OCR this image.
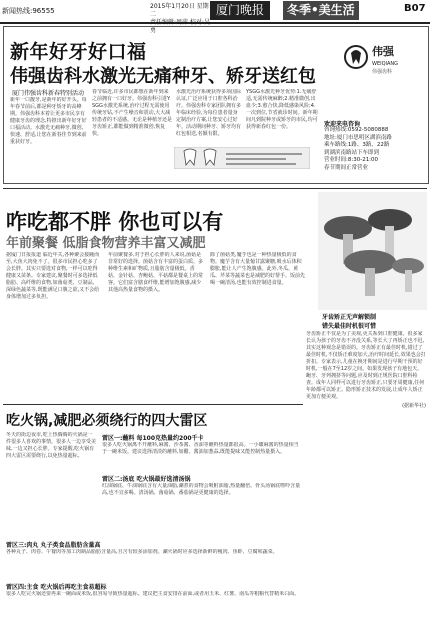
新闻热线:96555
2015年1月20日 星期二
责任编辑:周萍 校对:吴勇
厦门晚报	冬季•美生活	B07
新年好牙好口福
伟强齿科水激光无痛种牙、矫牙送红包
厦门伟强齿科新春特别活动
伟强
WEIQIANG
伟强齿科
新年一口靓牙,是新年的好开头。每年春节前后,都是种牙矫牙的高峰期。伟强齿科本着让更多市民享有健康牙齿的理念,特推出新年好牙好口福活动。水激光无痛种牙,微创、快速、舒适,让您在新春佳节到来前重获好牙。
春节临近,许多市民都想在新年到来之前拥有一口好牙。伟强齿科引进YSGG水激光系统,治疗过程无需使用传统牙钻,不产生噪音和震动,大大减轻患者的不适感。无论是种植牙还是牙齿矫正,都能做到精准微创,恢复快。
水激光治疗系统获得多项国际认证,广泛应用于口腔各科治疗。伟强齿科专家团队拥有多年临床经验,为每位患者量身定制治疗方案,让您安心过好年。活动期间种牙、矫牙均有红包相送,名额有限。
YSGG水激光种牙优势:1.无痛舒适,无需传统麻醉;2.精准微创,出血少;3.愈合快,降低感染风险;4.一次到位,节省就诊时间。新年期间凡到院种牙或矫牙的市民,均可获得新春红包一份。	欢迎来电咨询
咨询热线:0592-5080888
地址:厦门市思明区湖滨南路
乘车路线:1路、3路、22路
到湖滨南路站下车即到
营业时间:8:30-21:00
春节期间正常营业
咋吃都不胖 你也可以有
年前聚餐 低脂食物营养丰富又减肥
据厦门日报报道 临近年关,各种聚会接踵而至,大鱼大肉免不了。很多市民担心吃多了会长胖。其实只要选对食物,一样可以吃得健康又苗条。专家建议,聚餐时可多选择低脂肪、高纤维的食物,如菌菇类、豆制品、深绿色蔬菜等,既能满足口腹之欲,又不会给身体增加过多负担。
年前聚餐多,对于担心长胖的人来说,菌菇是非常好的选择。菌菇含有丰富的蛋白质、多种维生素和矿物质,且脂肪含量极低。香菇、金针菇、杏鲍菇、平菇都是餐桌上的常客。它们富含膳食纤维,能增加饱腹感,减少其他高热量食物的摄入。
除了菌菇类,魔芋也是一种热量极低的食物。魔芋含有大量葡甘露聚糖,吸水后体积膨胀,能让人产生饱腹感。此外,冬瓜、黄瓜、芹菜等蔬菜也是减肥的好帮手。饭前先喝一碗清汤,也能有效控制进食量。
牙齿矫正无声解锁制
错失最佳时机很可惜
吃火锅,减肥必须绕行的四大雷区
冬天的街边夜市,吃上热腾腾的火锅是一件很多人喜欢的事情。很多人一边享受美味,一边又担心长胖。专家提醒,吃火锅有四大雷区需要绕行,以免热量超标。
雷区一:蘸料 每100克热量约200千卡
很多人吃火锅离不开蘸料,麻酱、沙茶酱、香油等蘸料热量都很高。一小碟麻酱的热量相当于一碗米饭。建议选择清淡的蘸料,如醋、酱油加葱蒜,既能提味又能控制热量摄入。
雷区二:汤底 吃火锅最好选清汤锅
红油锅底、牛油锅底含有大量油脂,涮煮的食物会吸附油脂,热量翻倍。骨头汤锅底嘌呤含量高,也不宜多喝。清汤锅、菌菇锅、番茄锅是更健康的选择。
雷区三:肉丸 丸子类食品脂肪含量高
各种丸子、肉卷、午餐肉等加工肉制品脂肪含量高,且含有较多添加剂。涮火锅时应多选择新鲜的瘦肉、鱼虾、豆腐和蔬菜。
雷区四:主食 吃火锅后再吃主食易超标
很多人吃完火锅还要再来一碗面或米饭,很容易导致热量超标。建议把主食安排在前面,或者用玉米、红薯、南瓜等粗粮代替精米白面。
牙齿矫正不仅是为了美观,更关系到口腔健康。很多家长认为孩子的牙齿不齐没关系,等长大了再矫正也不迟,其实这种观念是错误的。牙齿矫正有最佳时机,错过了最佳时机,不仅矫正难度加大,治疗时间延长,效果也会打折扣。专家表示,儿童在换牙期间是进行早期干预的好时机,一般在7至12岁之间。如果发现孩子有地包天、龅牙、牙列拥挤等问题,应及时到正规医院口腔科检查。成年人同样可以进行牙齿矫正,只要牙周健康,任何年龄都可以矫正。隐形矫正技术的发展,让成年人矫正更加方便美观。
(据新华社)
